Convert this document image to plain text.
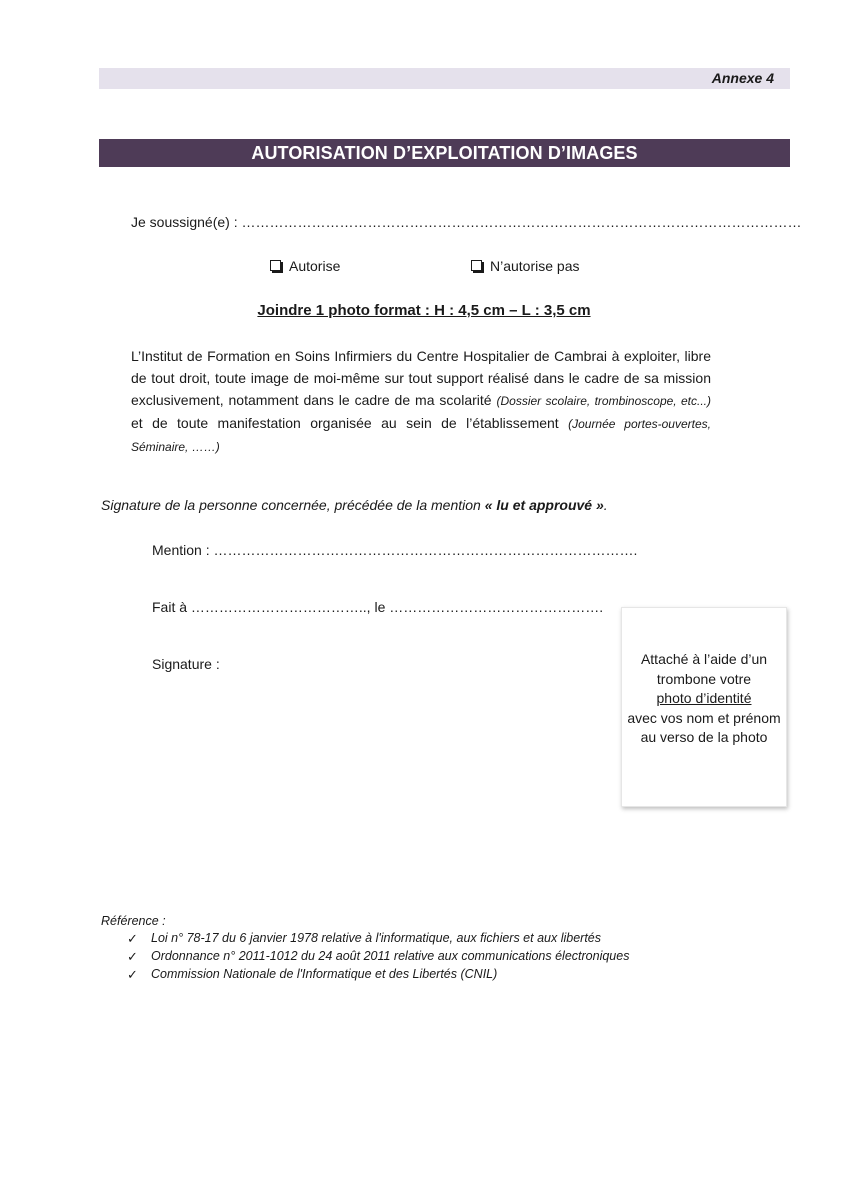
Annexe 4
AUTORISATION D’EXPLOITATION D’IMAGES
Je soussigné(e) : …………………………………………………………………………………………………………
Autorise	N’autorise pas
Joindre 1 photo format : H : 4,5 cm – L : 3,5 cm
L’Institut de Formation en Soins Infirmiers du Centre Hospitalier de Cambrai à exploiter, libre de tout droit, toute image de moi-même sur tout support réalisé dans le cadre de sa mission exclusivement, notamment dans le cadre de ma scolarité (Dossier scolaire, trombinoscope, etc...) et de toute manifestation organisée au sein de l’établissement (Journée portes-ouvertes, Séminaire, ……)
Signature de la personne concernée, précédée de la mention « lu et approuvé ».
Mention : ……………………………………………………………………………….
Fait à ……………………………….., le ……………………………………….
Signature :	Attaché à l’aide d’un
trombone votre
photo d’identité
avec vos nom et prénom
au verso de la photo
Référence :
✓	Loi n° 78-17 du 6 janvier 1978 relative à l'informatique, aux fichiers et aux libertés
✓	Ordonnance n° 2011-1012 du 24 août 2011 relative aux communications électroniques
✓	Commission Nationale de l'Informatique et des Libertés (CNIL)
